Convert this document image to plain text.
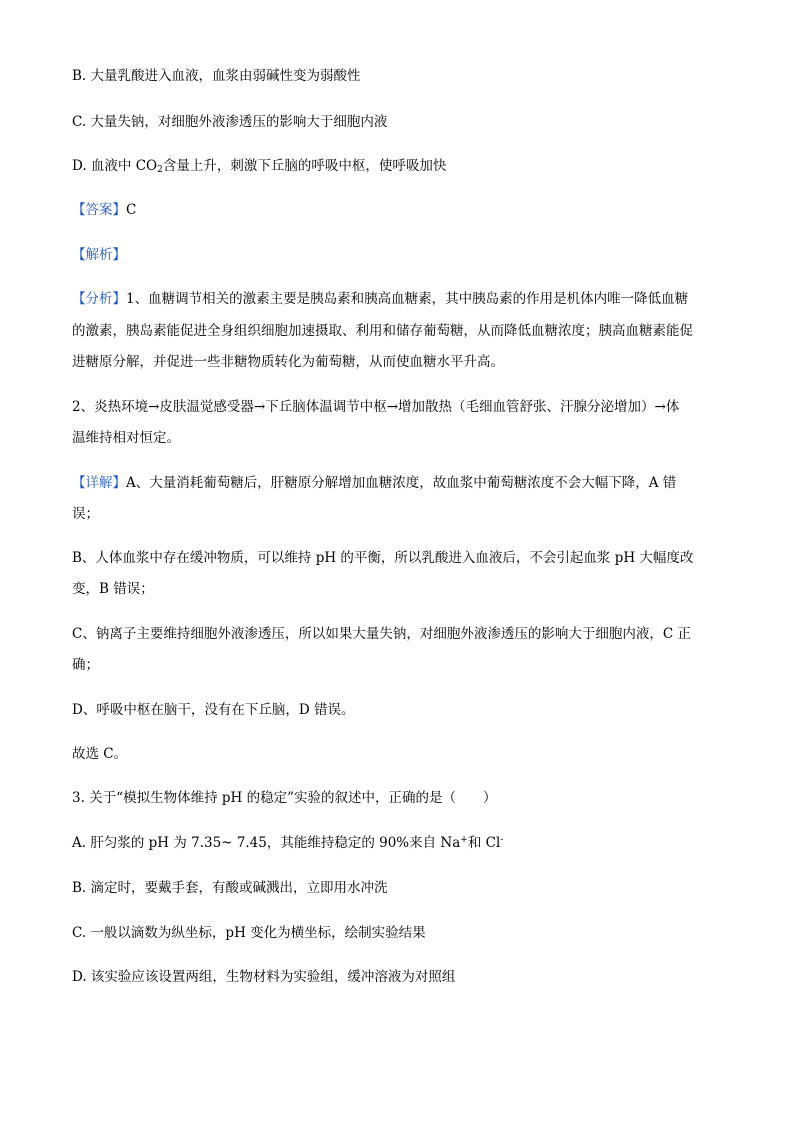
B. 大量乳酸进入血液，血浆由弱碱性变为弱酸性
C. 大量失钠，对细胞外液渗透压的影响大于细胞内液
D. 血液中 $CO_2$含量上升，刺激下丘脑的呼吸中枢，使呼吸加快
【答案】C
【解析】
【分析】1、血糖调节相关的激素主要是胰岛素和胰高血糖素，其中胰岛素的作用是机体内唯一降低血糖
的激素，胰岛素能促进全身组织细胞加速摄取、利用和储存葡萄糖，从而降低血糖浓度；胰高血糖素能促
进糖原分解，并促进一些非糖物质转化为葡萄糖，从而使血糖水平升高。
2、炎热环境→皮肤温觉感受器→下丘脑体温调节中枢→增加散热（毛细血管舒张、汗腺分泌增加）→体
温维持相对恒定。
【详解】A、大量消耗葡萄糖后，肝糖原分解增加血糖浓度，故血浆中葡萄糖浓度不会大幅下降，A 错
误；
B、人体血浆中存在缓冲物质，可以维持 pH 的平衡，所以乳酸进入血液后，不会引起血浆 pH 大幅度改
变，B 错误；
C、钠离子主要维持细胞外液渗透压，所以如果大量失钠，对细胞外液渗透压的影响大于细胞内液，C 正
确；
D、呼吸中枢在脑干，没有在下丘脑，D 错误。
故选 C。
3. 关于“模拟生物体维持 pH 的稳定”实验的叙述中，正确的是（　　）
A. 肝匀浆的 pH 为 7.35~ 7.45，其能维持稳定的 90%来自 Na+和 Cl-
B. 滴定时，要戴手套，有酸或碱溅出，立即用水冲洗
C. 一般以滴数为纵坐标，pH 变化为横坐标，绘制实验结果
D. 该实验应该设置两组，生物材料为实验组，缓冲溶液为对照组
